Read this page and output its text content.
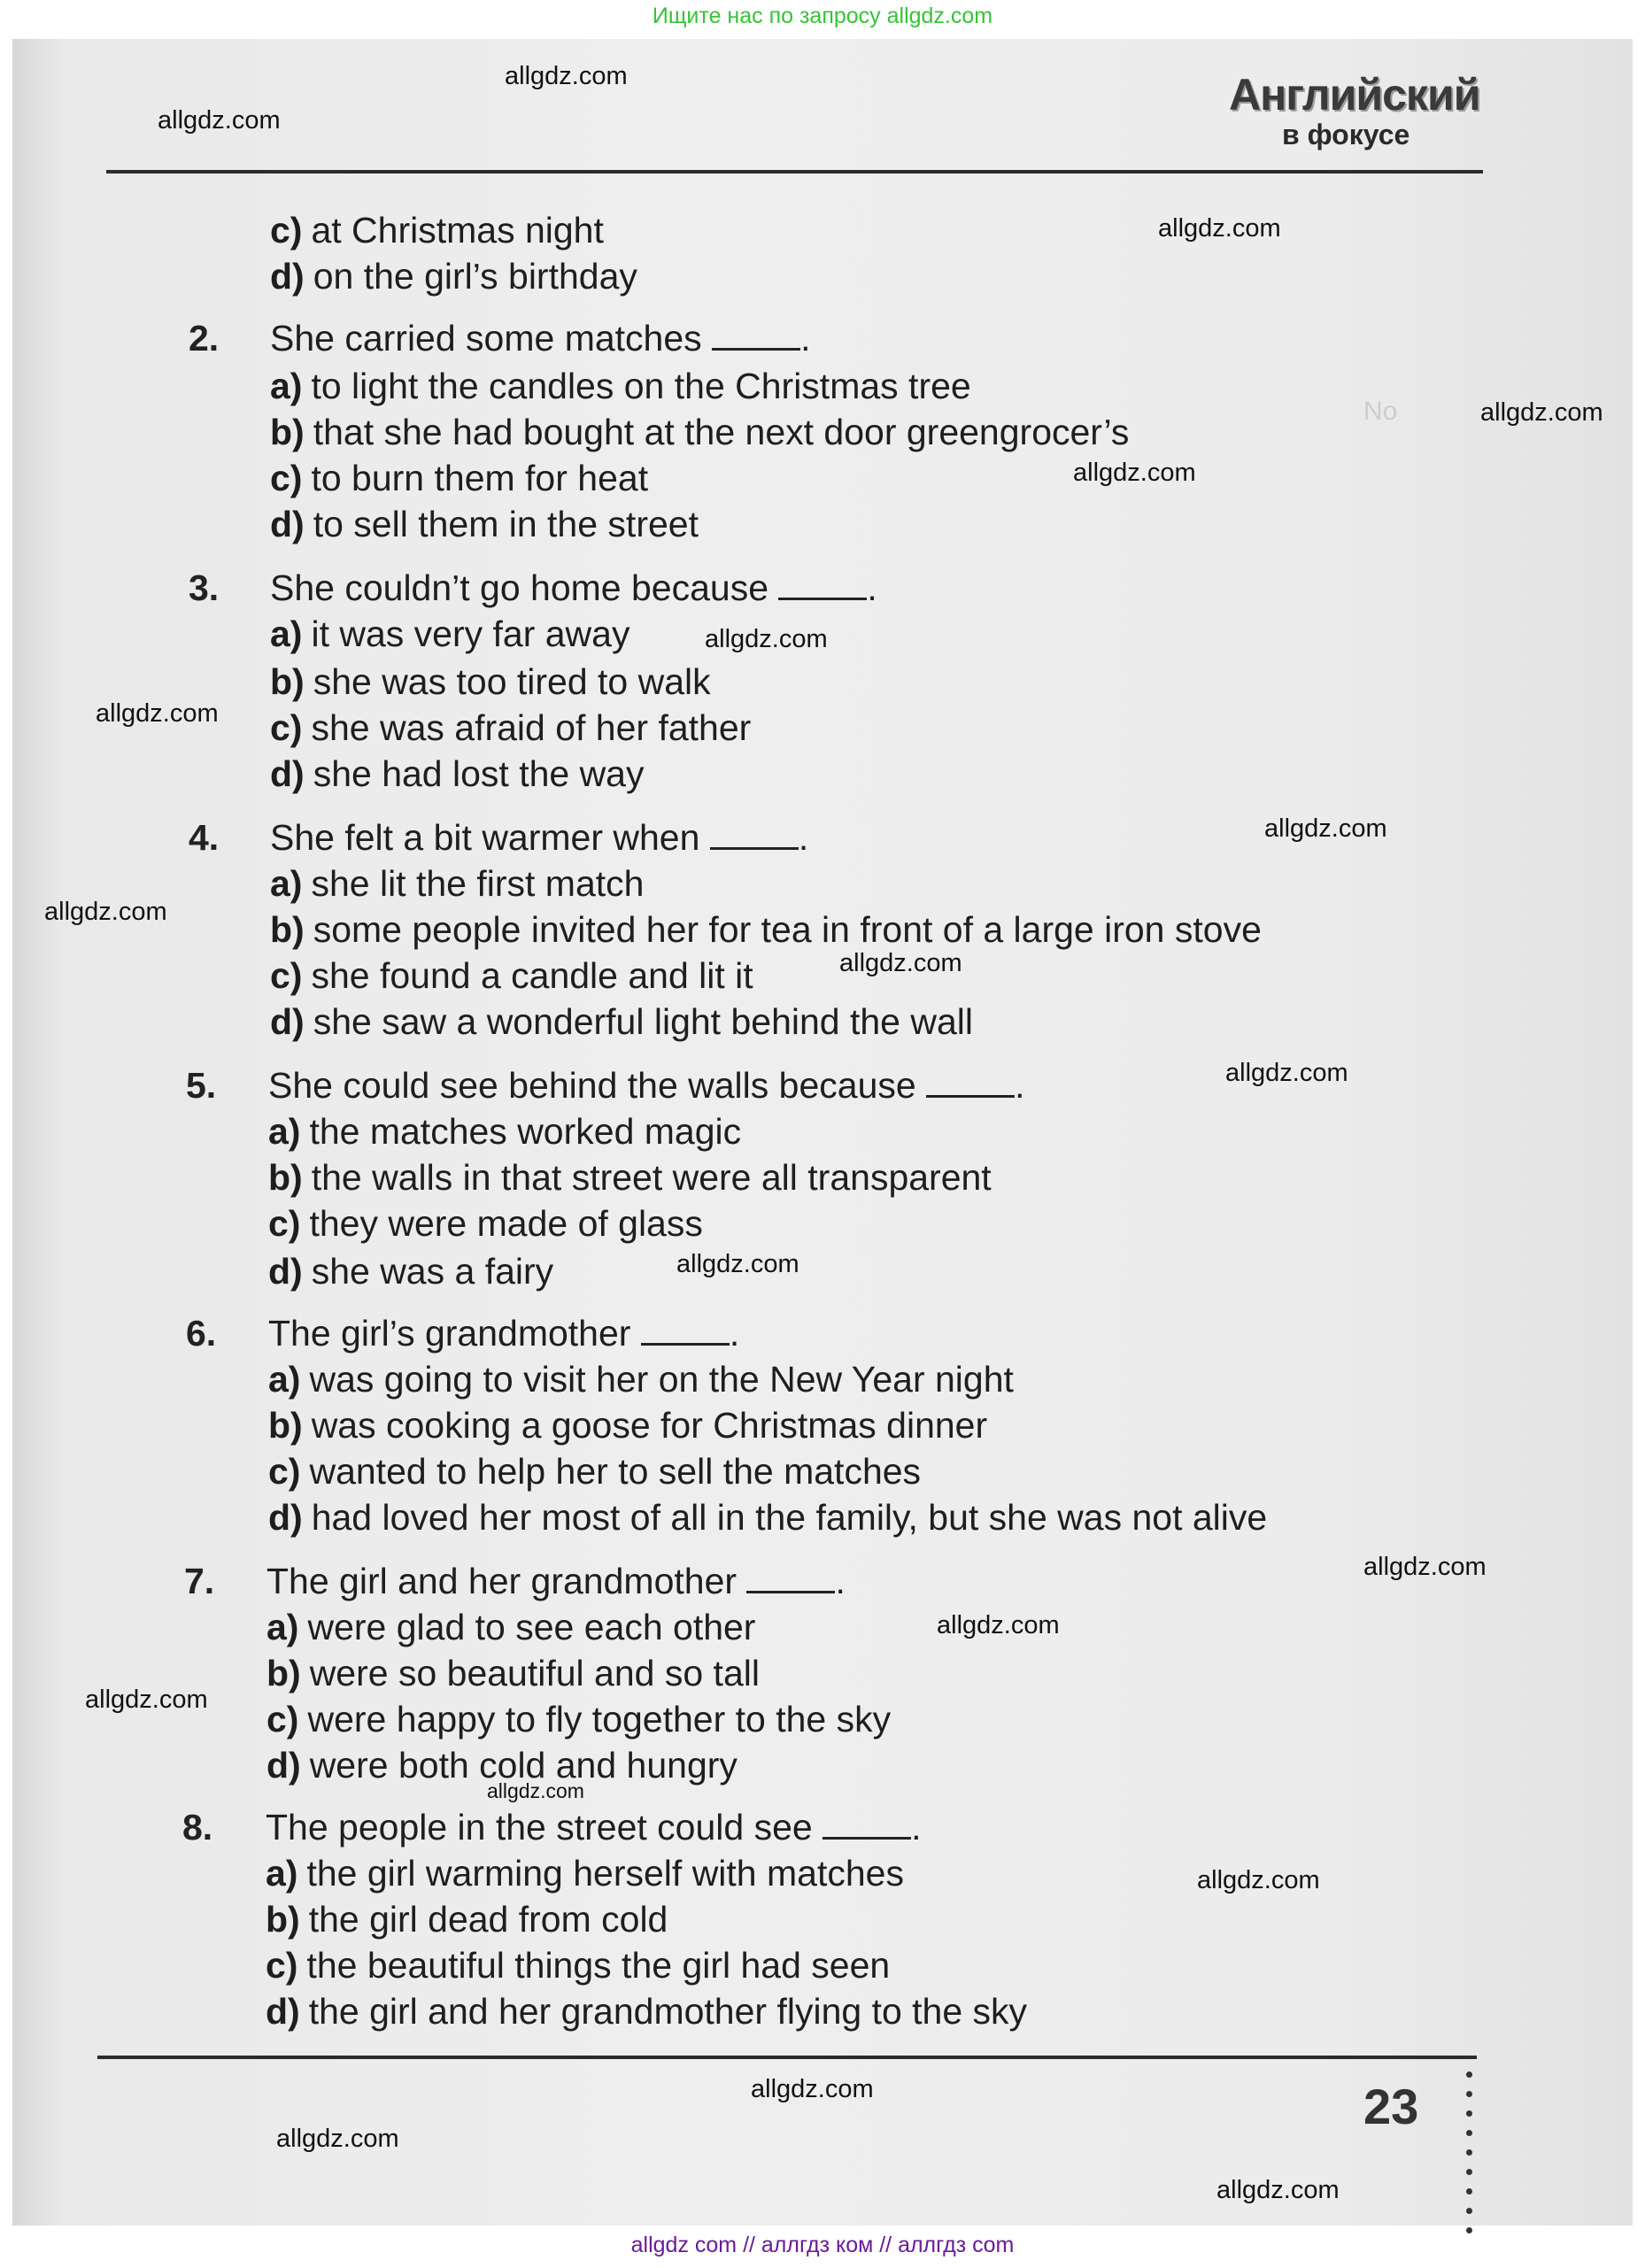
Ищите нас по запросу allgdz.com
No
Английский
в фокусе
c) at Christmas night
d) on the girl’s birthday
2. She carried some matches	.
a) to light the candles on the Christmas tree
b) that she had bought at the next door greengrocer’s
c) to burn them for heat
d) to sell them in the street
3. She couldn’t go home because	.
a) it was very far away
b) she was too tired to walk
c) she was afraid of her father
d) she had lost the way
4. She felt a bit warmer when	.
a) she lit the first match
b) some people invited her for tea in front of a large iron stove
c) she found a candle and lit it
d) she saw a wonderful light behind the wall
5. She could see behind the walls because	.
a) the matches worked magic
b) the walls in that street were all transparent
c) they were made of glass
d) she was a fairy
6. The girl’s grandmother	.
a) was going to visit her on the New Year night
b) was cooking a goose for Christmas dinner
c) wanted to help her to sell the matches
d) had loved her most of all in the family, but she was not alive
7. The girl and her grandmother	.
a) were glad to see each other
b) were so beautiful and so tall
c) were happy to fly together to the sky
d) were both cold and hungry
8. The people in the street could see	.
a) the girl warming herself with matches
b) the girl dead from cold
c) the beautiful things the girl had seen
d) the girl and her grandmother flying to the sky
23
allgdz.com
allgdz.com
allgdz.com
allgdz.com
allgdz.com
allgdz.com
allgdz.com
allgdz.com
allgdz.com
allgdz.com
allgdz.com
allgdz.com
allgdz.com
allgdz.com
allgdz.com
allgdz.com
allgdz.com
allgdz.com
allgdz.com
allgdz.com
allgdz com // аллгдз ком // аллгдз com
